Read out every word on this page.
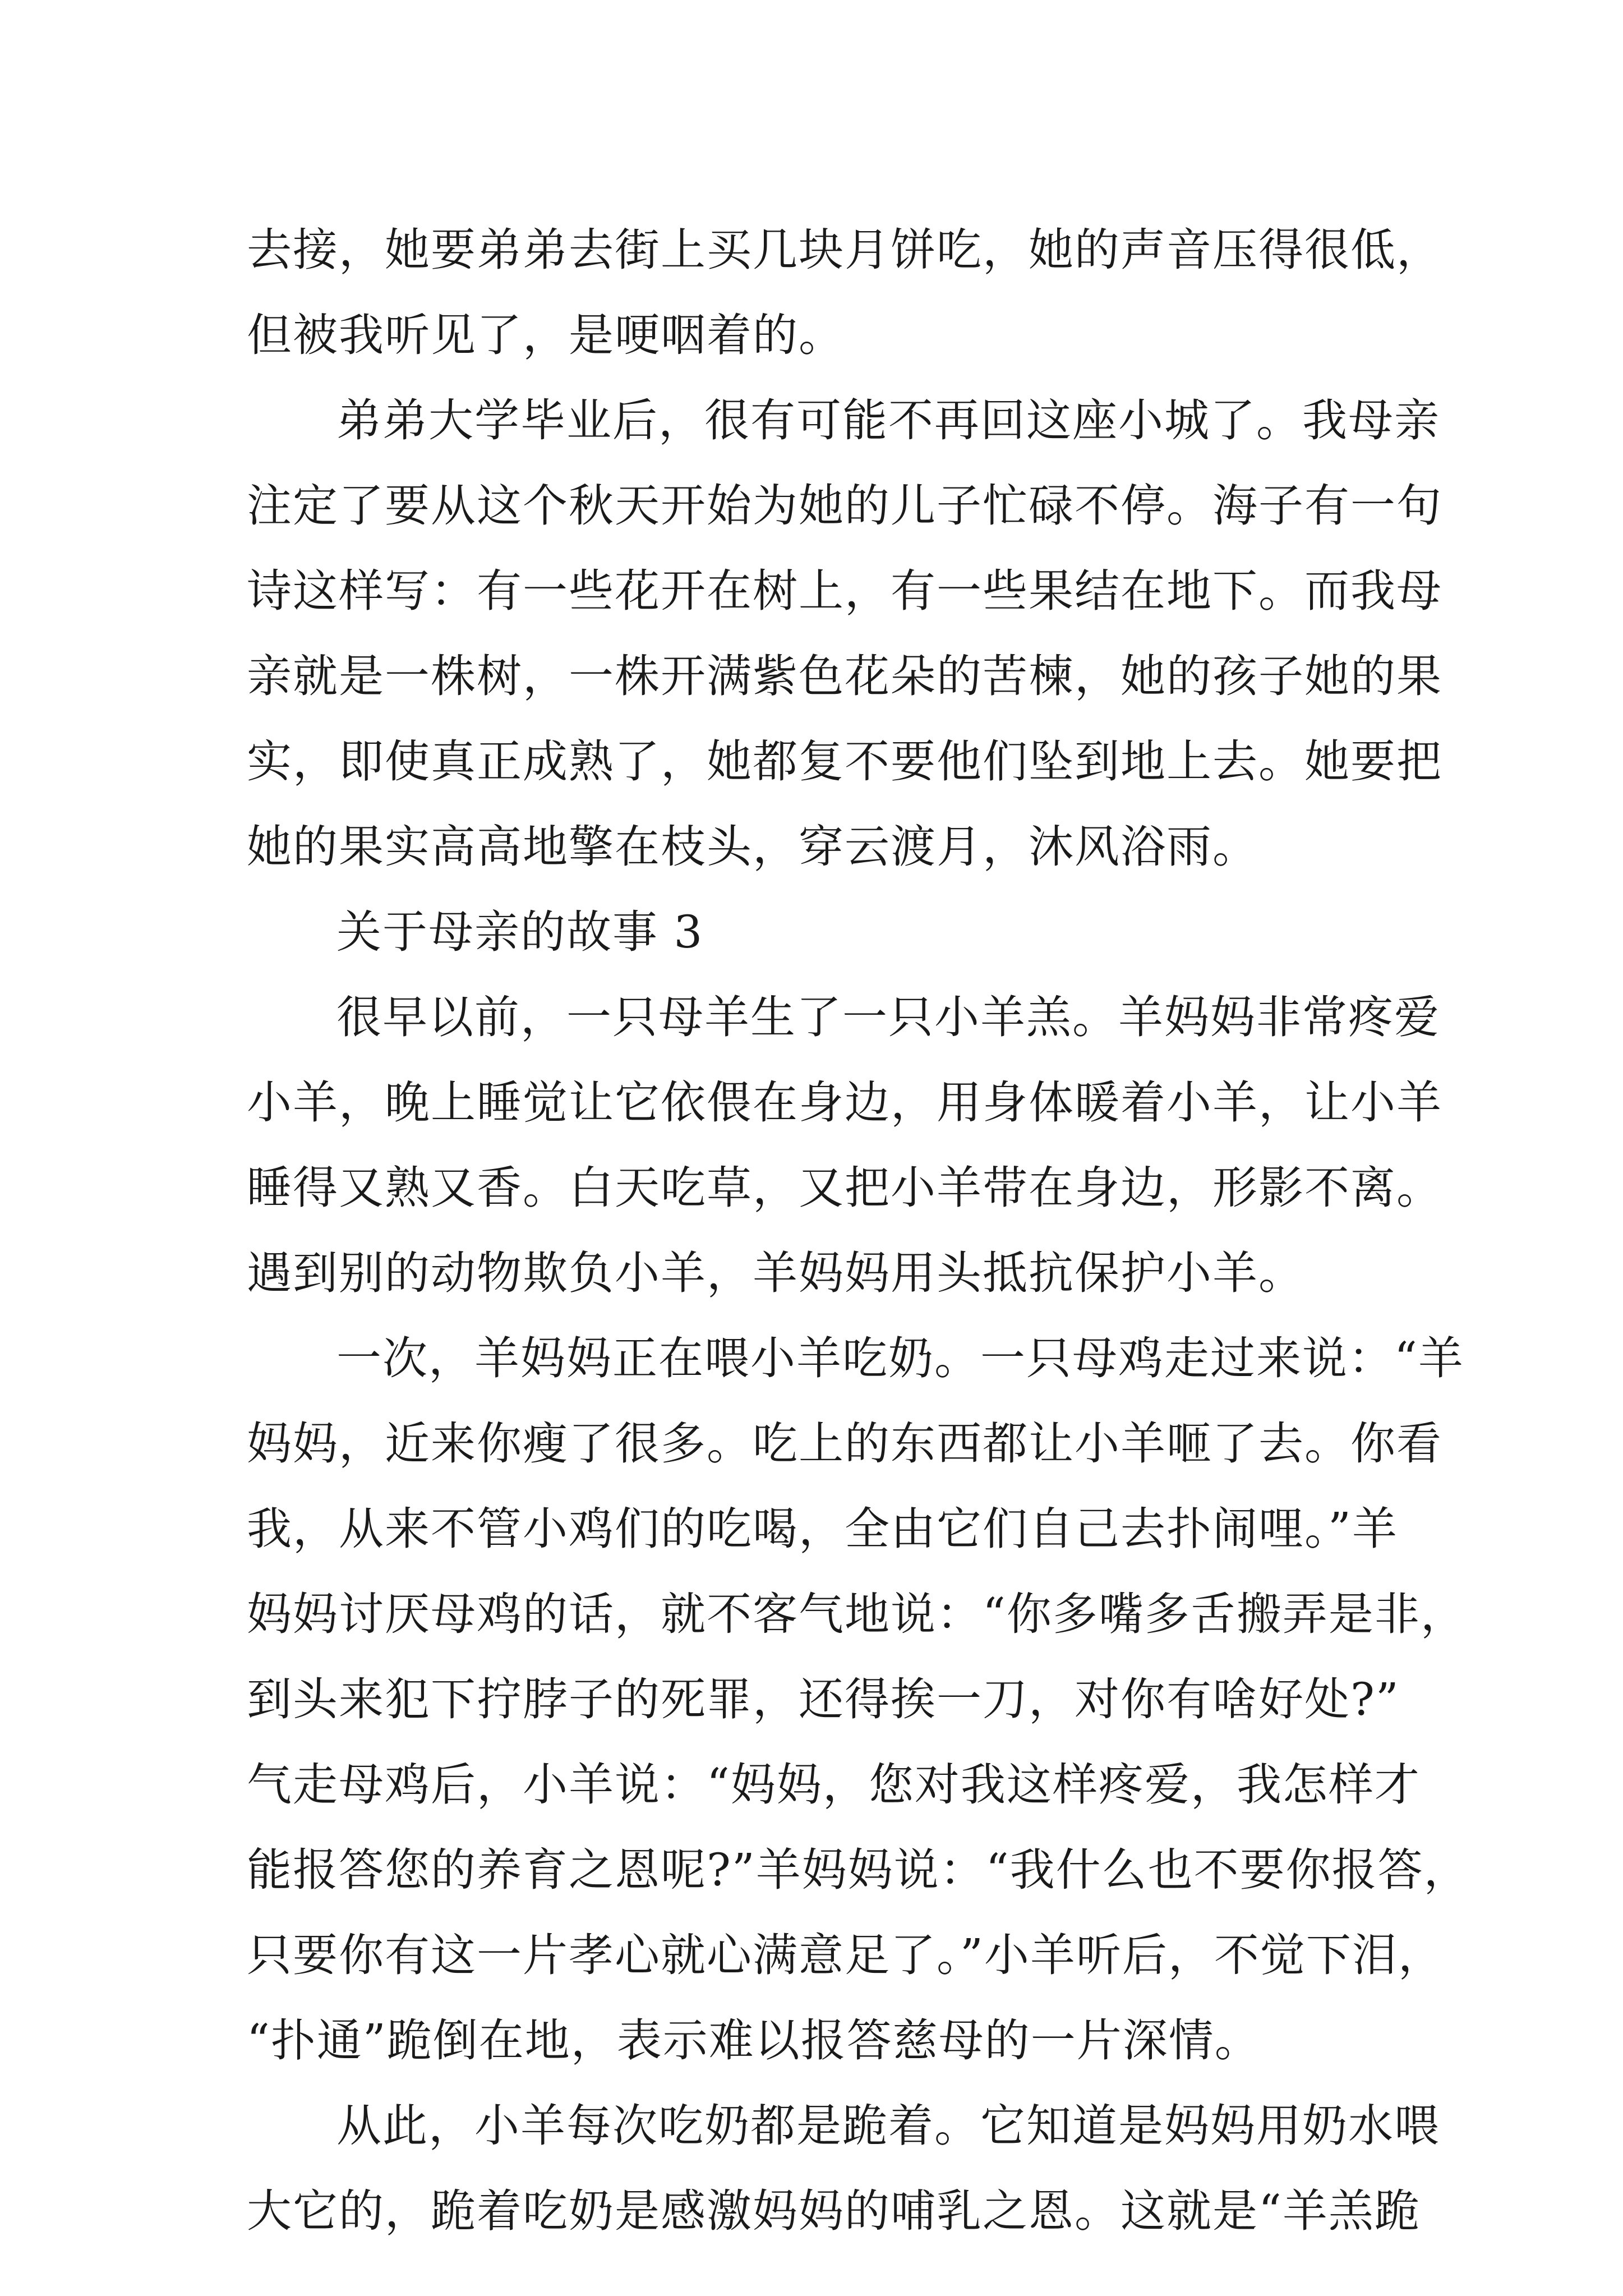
去接，她要弟弟去街上买几块月饼吃，她的声音压得很低，
但被我听见了，是哽咽着的。
弟弟大学毕业后，很有可能不再回这座小城了。我母亲
注定了要从这个秋天开始为她的儿子忙碌不停。海子有一句
诗这样写：有一些花开在树上，有一些果结在地下。而我母
亲就是一株树，一株开满紫色花朵的苦楝，她的孩子她的果
实，即使真正成熟了，她都复不要他们坠到地上去。她要把
她的果实高高地擎在枝头，穿云渡月，沐风浴雨。
关于母亲的故事 3
很早以前，一只母羊生了一只小羊羔。羊妈妈非常疼爱
小羊，晚上睡觉让它依偎在身边，用身体暖着小羊，让小羊
睡得又熟又香。白天吃草，又把小羊带在身边，形影不离。
遇到别的动物欺负小羊，羊妈妈用头抵抗保护小羊。
一次，羊妈妈正在喂小羊吃奶。一只母鸡走过来说：“羊
妈妈，近来你瘦了很多。吃上的东西都让小羊咂了去。你看
我，从来不管小鸡们的吃喝，全由它们自己去扑闹哩。”羊
妈妈讨厌母鸡的话，就不客气地说：“你多嘴多舌搬弄是非，
到头来犯下拧脖子的死罪，还得挨一刀，对你有啥好处?”
气走母鸡后，小羊说：“妈妈，您对我这样疼爱，我怎样才
能报答您的养育之恩呢?”羊妈妈说：“我什么也不要你报答，
只要你有这一片孝心就心满意足了。”小羊听后，不觉下泪，
“扑通”跪倒在地，表示难以报答慈母的一片深情。
从此，小羊每次吃奶都是跪着。它知道是妈妈用奶水喂
大它的，跪着吃奶是感激妈妈的哺乳之恩。这就是“羊羔跪
